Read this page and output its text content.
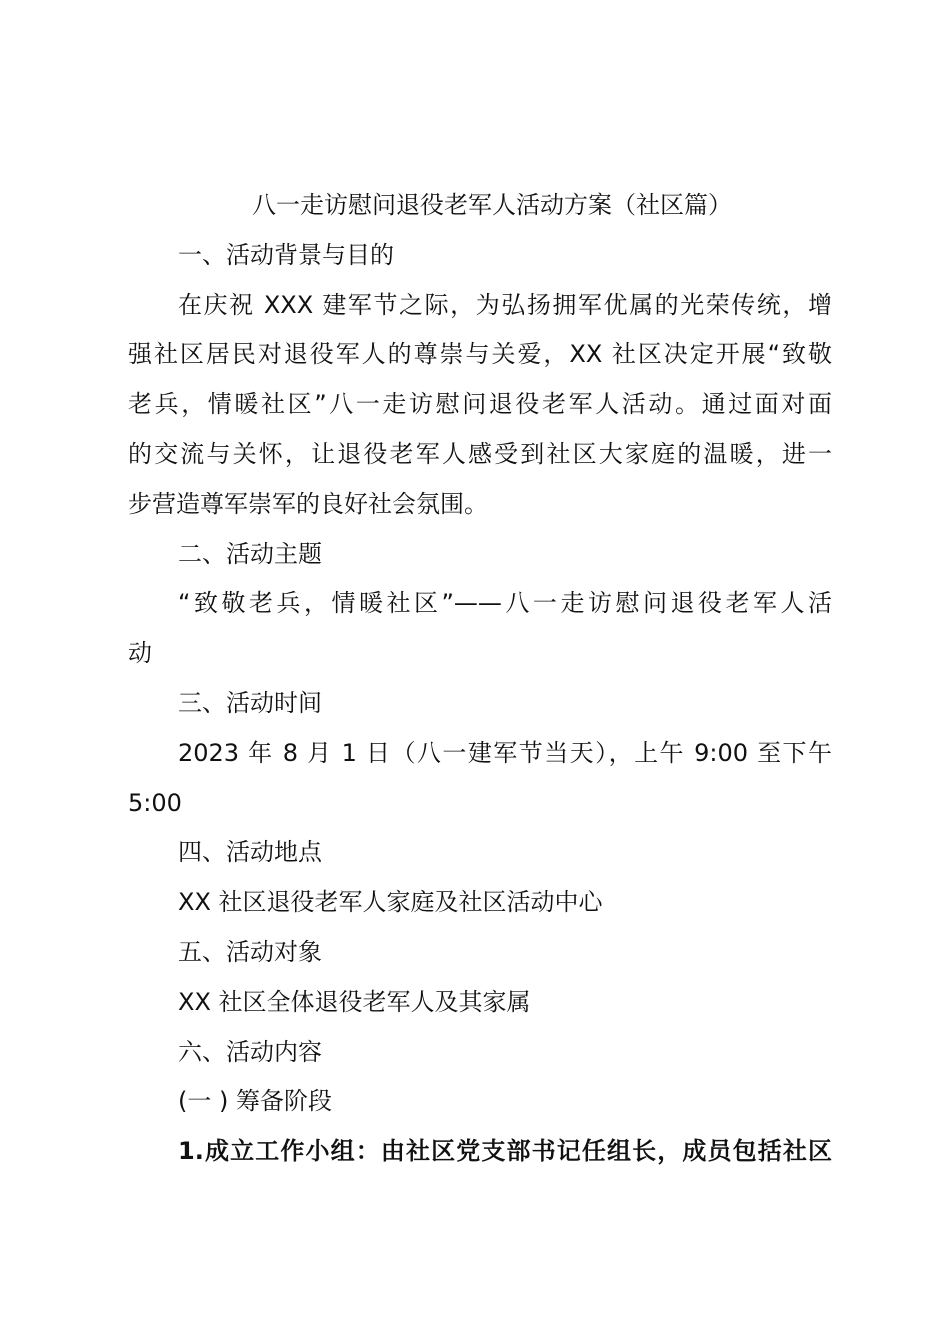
八一走访慰问退役老军人活动方案（社区篇）
一、活动背景与目的
在庆祝 XXX 建军节之际，为弘扬拥军优属的光荣传统，增
强社区居民对退役军人的尊崇与关爱，XX 社区决定开展“致敬
老兵，情暖社区”八一走访慰问退役老军人活动。通过面对面
的交流与关怀，让退役老军人感受到社区大家庭的温暖，进一
步营造尊军崇军的良好社会氛围。
二、活动主题
“致敬老兵，情暖社区”——八一走访慰问退役老军人活
动
三、活动时间
2023 年 8 月 1 日（八一建军节当天），上午 9:00 至下午
5:00
四、活动地点
XX 社区退役老军人家庭及社区活动中心
五、活动对象
XX 社区全体退役老军人及其家属
六、活动内容
(一 ) 筹备阶段
1.成立工作小组：由社区党支部书记任组长，成员包括社区
